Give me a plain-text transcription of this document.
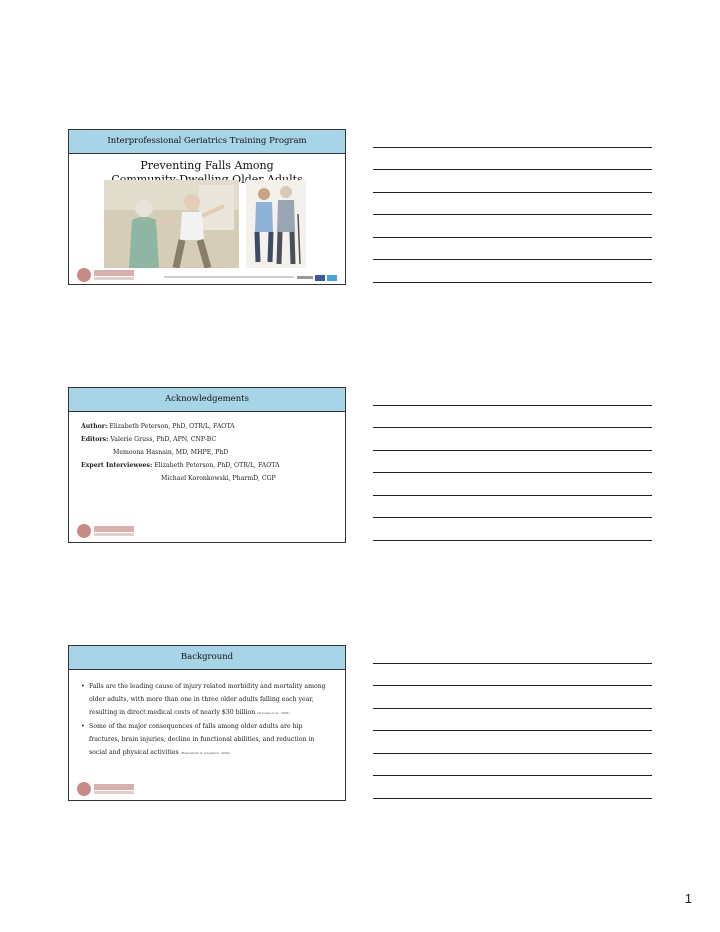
Interprofessional Geriatrics Training Program
Preventing Falls Among
Acknowledgements
Author: Elizabeth Peterson, PhD, OTR/L, FAOTA
Editors: Valerie Gruss, PhD, APN, CNP-BC
Memoona Hasnain, MD, MHPE, PhD
Expert Interviewees: Elizabeth Peterson, PhD, OTR/L, FAOTA
Michael Koronkowski, PharmD, CGP
Background
• Falls are the leading cause of injury related morbidity and mortality among older adults, with more than one in three older adults falling each year, resulting in direct medical costs of nearly $30 billion (Stevens et al., 2006)
• Some of the major consequences of falls among older adults are hip fractures, brain injuries, decline in functional abilities, and reduction in social and physical activities (Rubenstein & Josephson, 2006)
1
